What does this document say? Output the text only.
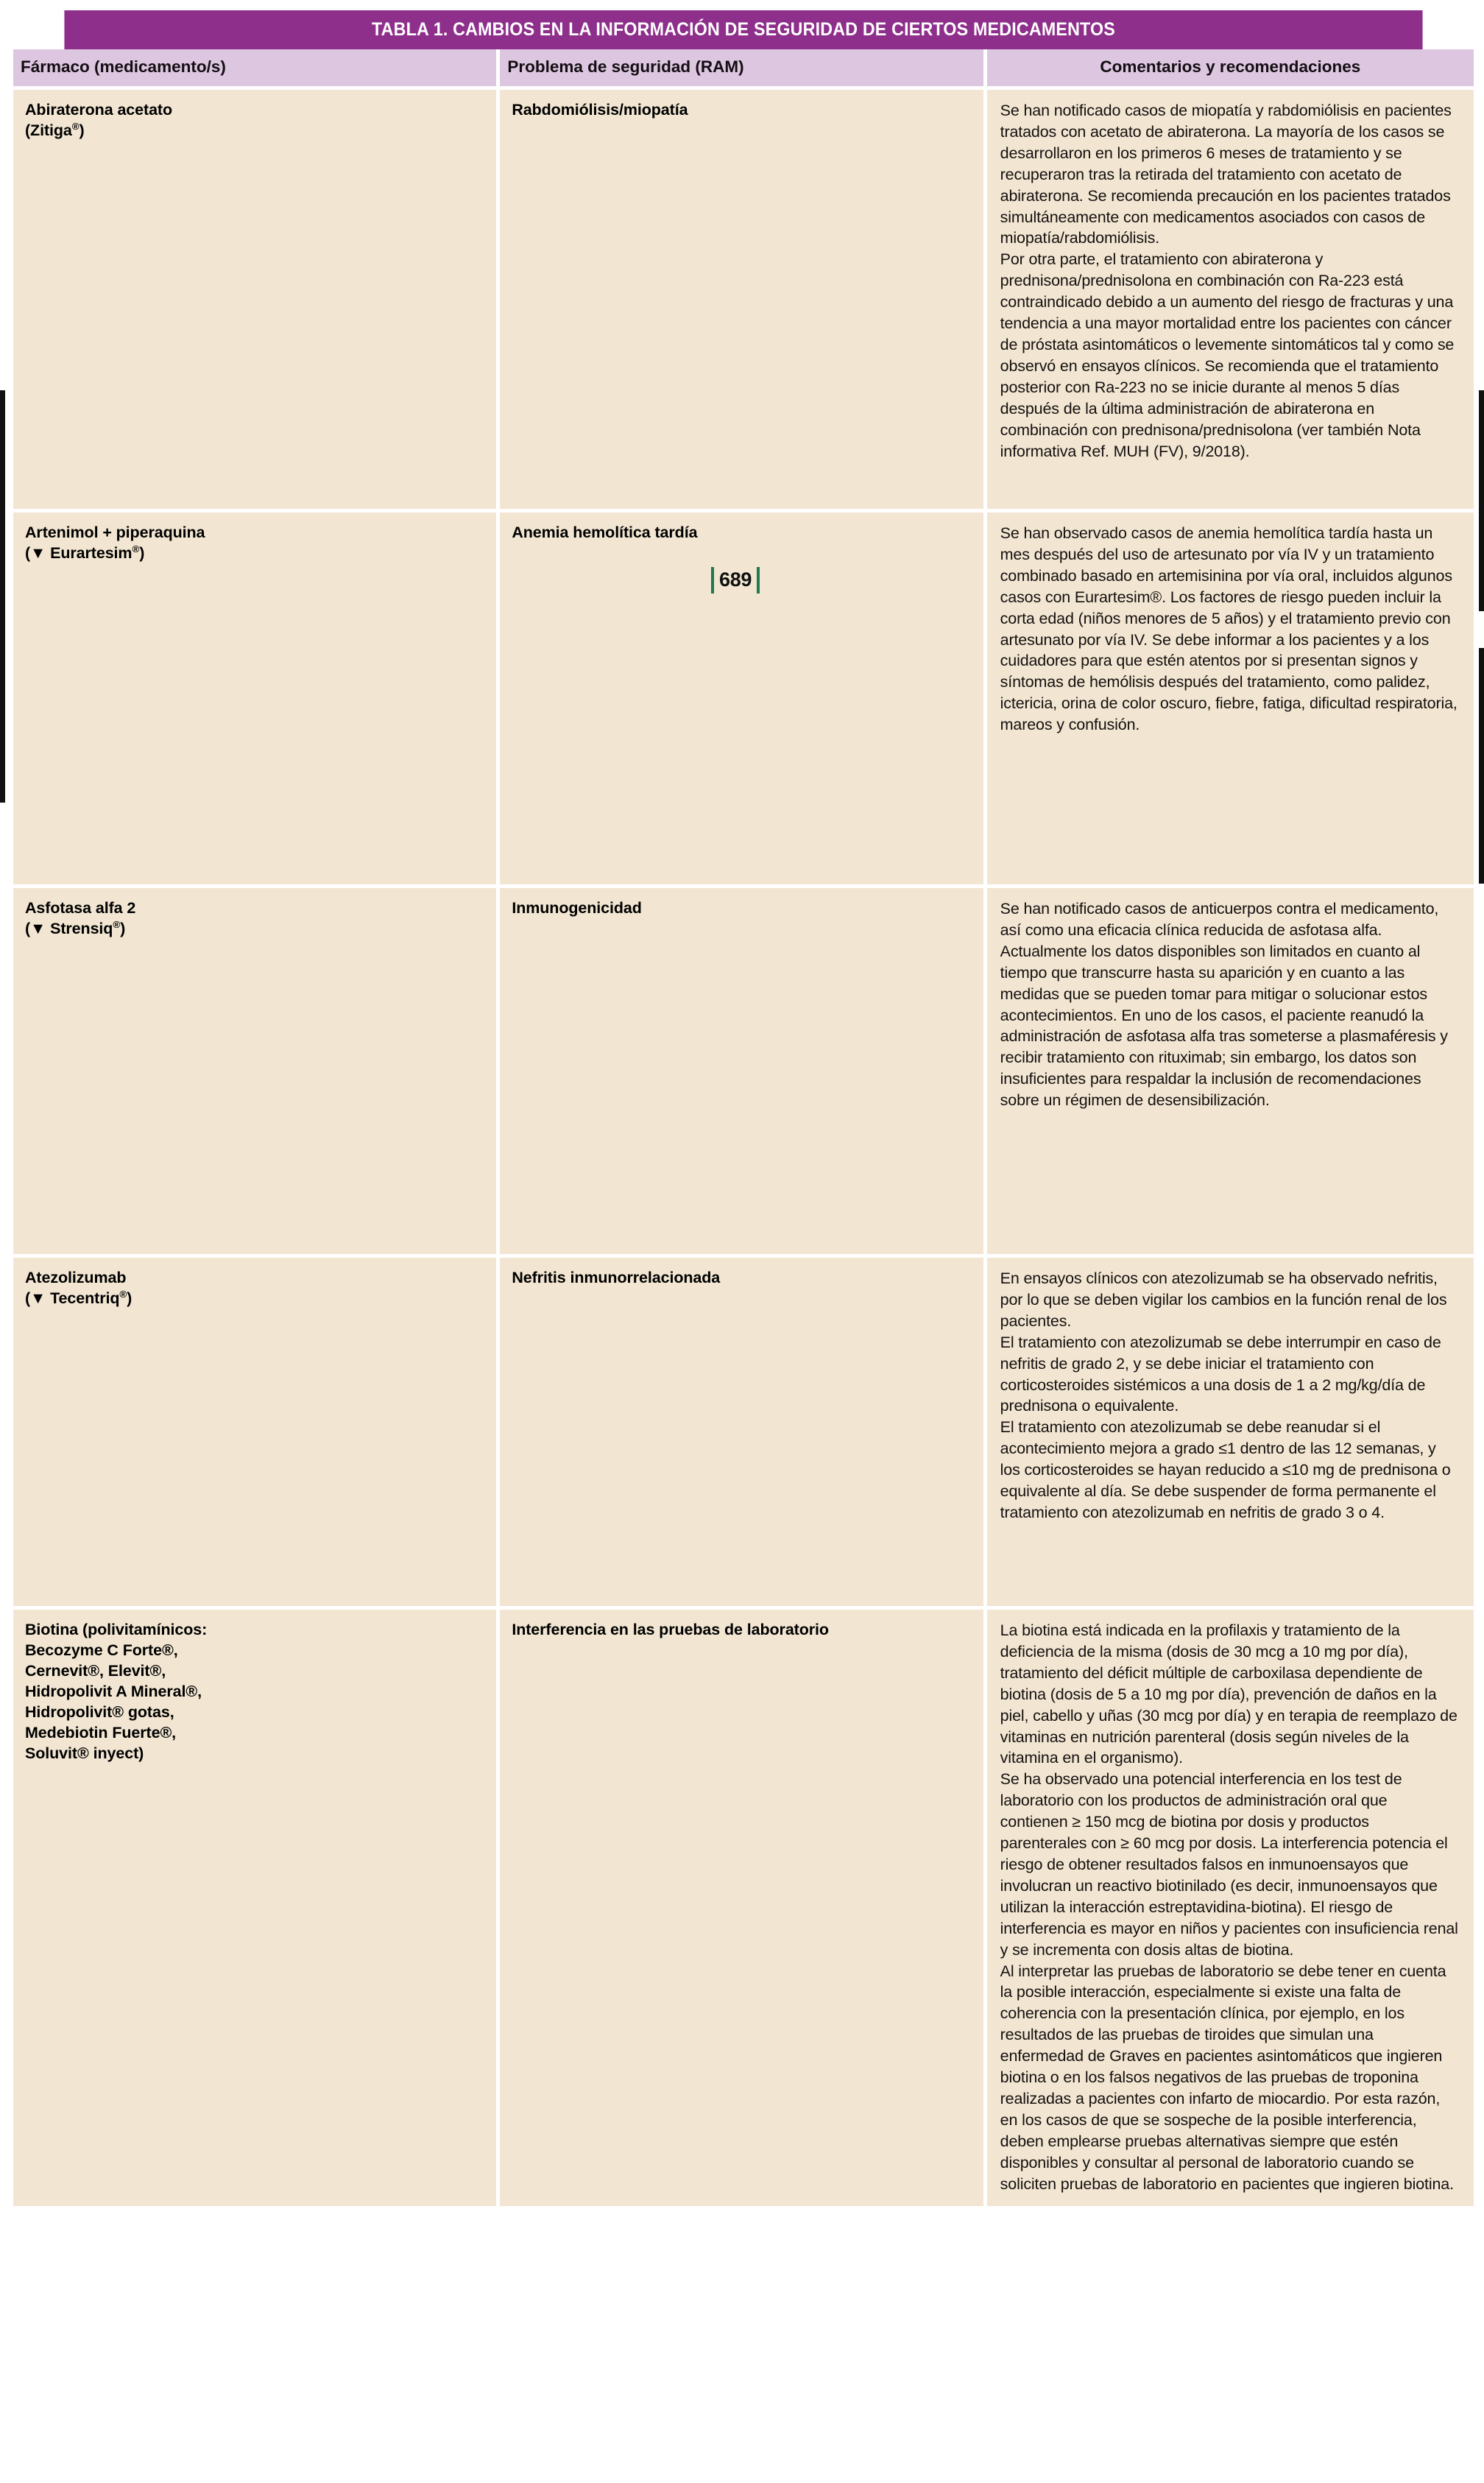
TABLA 1. CAMBIOS EN LA INFORMACIÓN DE SEGURIDAD DE CIERTOS MEDICAMENTOS
Fármaco (medicamento/s)	Problema de seguridad (RAM)	Comentarios y recomendaciones

Abiraterona acetato
(Zitiga®)
	Rabdomiólisis/miopatía	Se han notificado casos de miopatía y rabdomiólisis en pacientes tratados con acetato de abiraterona. La mayoría de los casos se desarrollaron en los primeros 6 meses de tratamiento y se recuperaron tras la retirada del tratamiento con acetato de abiraterona. Se recomienda precaución en los pacientes tratados simultáneamente con medicamentos asociados con casos de miopatía/rabdomiólisis.

Por otra parte, el tratamiento con abiraterona y prednisona/prednisolona en combinación con Ra-223 está contraindicado debido a un aumento del riesgo de fracturas y una tendencia a una mayor mortalidad entre los pacientes con cáncer de próstata asintomáticos o levemente sintomáticos tal y como se observó en ensayos clínicos. Se recomienda que el tratamiento posterior con Ra-223 no se inicie durante al menos 5 días después de la última administración de abiraterona en combinación con prednisona/prednisolona (ver también Nota informativa Ref. MUH (FV), 9/2018).

Artenimol + piperaquina
(▼ Eurartesim®)	Anemia hemolítica tardía	Se han observado casos de anemia hemolítica tardía hasta un mes después del uso de artesunato por vía IV y un tratamiento combinado basado en artemisinina por vía oral, incluidos algunos casos con Eurartesim®. Los factores de riesgo pueden incluir la corta edad (niños menores de 5 años) y el tratamiento previo con artesunato por vía IV. Se debe informar a los pacientes y a los cuidadores para que estén atentos por si presentan signos y síntomas de hemólisis después del tratamiento, como palidez, ictericia, orina de color oscuro, fiebre, fatiga, dificultad respiratoria, mareos y confusión.

Asfotasa alfa 2
(▼ Strensiq®)	Inmunogenicidad	Se han notificado casos de anticuerpos contra el medicamento, así como una eficacia clínica reducida de asfotasa alfa. Actualmente los datos disponibles son limitados en cuanto al tiempo que transcurre hasta su aparición y en cuanto a las medidas que se pueden tomar para mitigar o solucionar estos acontecimientos. En uno de los casos, el paciente reanudó la administración de asfotasa alfa tras someterse a plasmaféresis y recibir tratamiento con rituximab; sin embargo, los datos son insuficientes para respaldar la inclusión de recomendaciones sobre un régimen de desensibilización.

Atezolizumab
(▼ Tecentriq®)
	Nefritis inmunorrelacionada	En ensayos clínicos con atezolizumab se ha observado nefritis, por lo que se deben vigilar los cambios en la función renal de los pacientes.

El tratamiento con atezolizumab se debe interrumpir en caso de nefritis de grado 2, y se debe iniciar el tratamiento con corticosteroides sistémicos a una dosis de 1 a 2 mg/kg/día de prednisona o equivalente.

El tratamiento con atezolizumab se debe reanudar si el acontecimiento mejora a grado ≤1 dentro de las 12 semanas, y los corticosteroides se hayan reducido a ≤10 mg de prednisona o equivalente al día. Se debe suspender de forma permanente el tratamiento con atezolizumab en nefritis de grado 3 o 4.

Biotina (polivitamínicos:
Becozyme C Forte®,
Cernevit®, Elevit®,
Hidropolivit A Mineral®,
Hidropolivit® gotas,
Medebiotin Fuerte®,
Soluvit® inyect)
	Interferencia en las pruebas de laboratorio	La biotina está indicada en la profilaxis y tratamiento de la deficiencia de la misma (dosis de 30 mcg a 10 mg por día), tratamiento del déficit múltiple de carboxilasa dependiente de biotina (dosis de 5 a 10 mg por día), prevención de daños en la piel, cabello y uñas (30 mcg por día) y en terapia de reemplazo de vitaminas en nutrición parenteral (dosis según niveles de la vitamina en el organismo).

Se ha observado una potencial interferencia en los test de laboratorio con los productos de administración oral que contienen ≥ 150 mcg de biotina por dosis y productos parenterales con ≥ 60 mcg por dosis. La interferencia potencia el riesgo de obtener resultados falsos en inmunoensayos que involucran un reactivo biotinilado (es decir, inmunoensayos que utilizan la interacción estreptavidina-biotina). El riesgo de interferencia es mayor en niños y pacientes con insuficiencia renal y se incrementa con dosis altas de biotina.

Al interpretar las pruebas de laboratorio se debe tener en cuenta la posible interacción, especialmente si existe una falta de coherencia con la presentación clínica, por ejemplo, en los resultados de las pruebas de tiroides que simulan una enfermedad de Graves en pacientes asintomáticos que ingieren biotina o en los falsos negativos de las pruebas de troponina realizadas a pacientes con infarto de miocardio. Por esta razón, en los casos de que se sospeche de la posible interferencia, deben emplearse pruebas alternativas siempre que estén disponibles y consultar al personal de laboratorio cuando se soliciten pruebas de laboratorio en pacientes que ingieren biotina.

689
